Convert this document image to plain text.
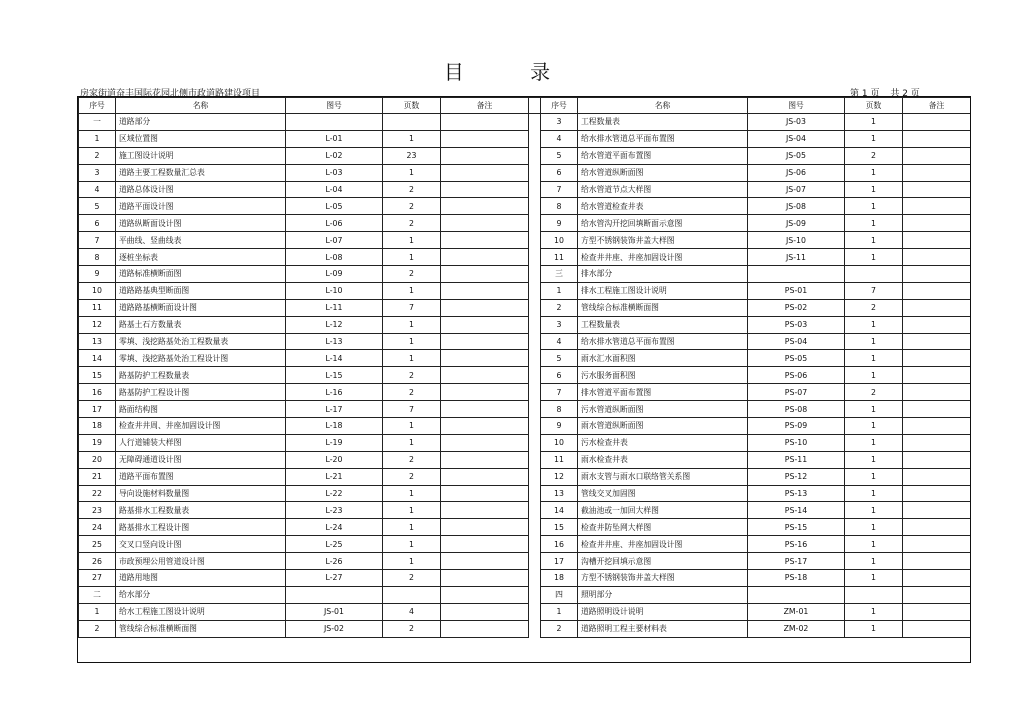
目 录
房家街道奋丰国际花园北侧市政道路建设项目	第 1 页 共 2 页
序号	名称	图号	页数	备注		序号	名称	图号	页数	备注
一	道路部分					3	工程数量表	JS-03	1	
1	区域位置图	L-01	1			4	给水排水管道总平面布置图	JS-04	1	
2	施工图设计说明	L-02	23			5	给水管道平面布置图	JS-05	2	
3	道路主要工程数量汇总表	L-03	1			6	给水管道纵断面图	JS-06	1	
4	道路总体设计图	L-04	2			7	给水管道节点大样图	JS-07	1	
5	道路平面设计图	L-05	2			8	给水管道检查井表	JS-08	1	
6	道路纵断面设计图	L-06	2			9	给水管沟开挖回填断面示意图	JS-09	1	
7	平曲线、竖曲线表	L-07	1			10	方型不锈钢装饰井盖大样图	JS-10	1	
8	逐桩坐标表	L-08	1			11	检查井井座、井座加固设计图	JS-11	1	
9	道路标准横断面图	L-09	2			三	排水部分			
10	道路路基典型断面图	L-10	1			1	排水工程施工图设计说明	PS-01	7	
11	道路路基横断面设计图	L-11	7			2	管线综合标准横断面图	PS-02	2	
12	路基土石方数量表	L-12	1			3	工程数量表	PS-03	1	
13	零填、浅挖路基处治工程数量表	L-13	1			4	给水排水管道总平面布置图	PS-04	1	
14	零填、浅挖路基处治工程设计图	L-14	1			5	雨水汇水面积图	PS-05	1	
15	路基防护工程数量表	L-15	2			6	污水服务面积图	PS-06	1	
16	路基防护工程设计图	L-16	2			7	排水管道平面布置图	PS-07	2	
17	路面结构图	L-17	7			8	污水管道纵断面图	PS-08	1	
18	检查井井周、井座加固设计图	L-18	1			9	雨水管道纵断面图	PS-09	1	
19	人行道铺装大样图	L-19	1			10	污水检查井表	PS-10	1	
20	无障碍通道设计图	L-20	2			11	雨水检查井表	PS-11	1	
21	道路平面布置图	L-21	2			12	雨水支管与雨水口联络管关系图	PS-12	1	
22	导向设施材料数量图	L-22	1			13	管线交叉加固图	PS-13	1	
23	路基排水工程数量表	L-23	1			14	截油池或一加回大样图	PS-14	1	
24	路基排水工程设计图	L-24	1			15	检查井防坠网大样图	PS-15	1	
25	交叉口竖向设计图	L-25	1			16	检查井井座、井座加固设计图	PS-16	1	
26	市政预埋公用管道设计图	L-26	1			17	沟槽开挖回填示意图	PS-17	1	
27	道路用地图	L-27	2			18	方型不锈钢装饰井盖大样图	PS-18	1	
二	给水部分					四	照明部分			
1	给水工程施工图设计说明	JS-01	4			1	道路照明设计说明	ZM-01	1	
2	管线综合标准横断面图	JS-02	2			2	道路照明工程主要材料表	ZM-02	1	
